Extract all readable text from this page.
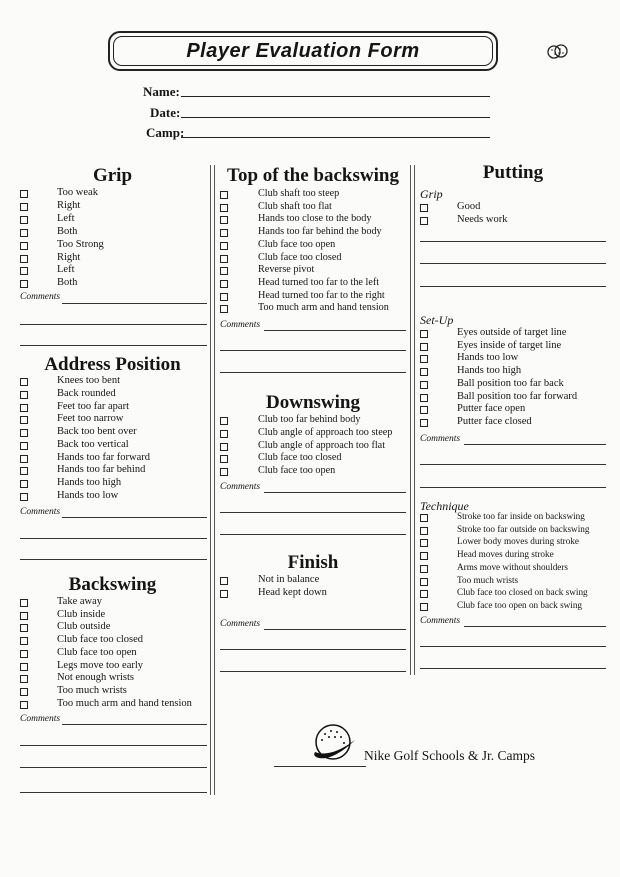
Player Evaluation Form
Name:
Date:
Camp:
Grip
Too weak
Right
Left
Both
Too Strong
Right
Left
Both
Comments
Address Position
Knees too bent
Back rounded
Feet too far apart
Feet too narrow
Back too bent over
Back too vertical
Hands too far forward
Hands too far behind
Hands too high
Hands too low
Comments
Backswing
Take away
Club inside
Club outside
Club face too closed
Club face too open
Legs move too early
Not enough wrists
Too much wrists
Too much arm and hand tension
Comments
Top of the backswing
Club shaft too steep
Club shaft too flat
Hands too close to the body
Hands too far behind the body
Club face too open
Club face too closed
Reverse pivot
Head turned too far to the left
Head turned too far to the right
Too much arm and hand tension
Comments
Downswing
Club too far behind body
Club angle of approach too steep
Club angle of approach too flat
Club face too closed
Club face too open
Comments
Finish
Not in balance
Head kept down
Comments
Putting
Grip
Good
Needs work
Set-Up
Eyes outside of target line
Eyes inside of target line
Hands too low
Hands too high
Ball position too far back
Ball position too far forward
Putter face open
Putter face closed
Comments
Technique
Stroke too far inside on backswing
Stroke too far outside on backswing
Lower body moves during stroke
Head moves during stroke
Arms move without shoulders
Too much wrists
Club face too closed on back swing
Club face too open on back swing
Comments
Nike Golf Schools & Jr. Camps
